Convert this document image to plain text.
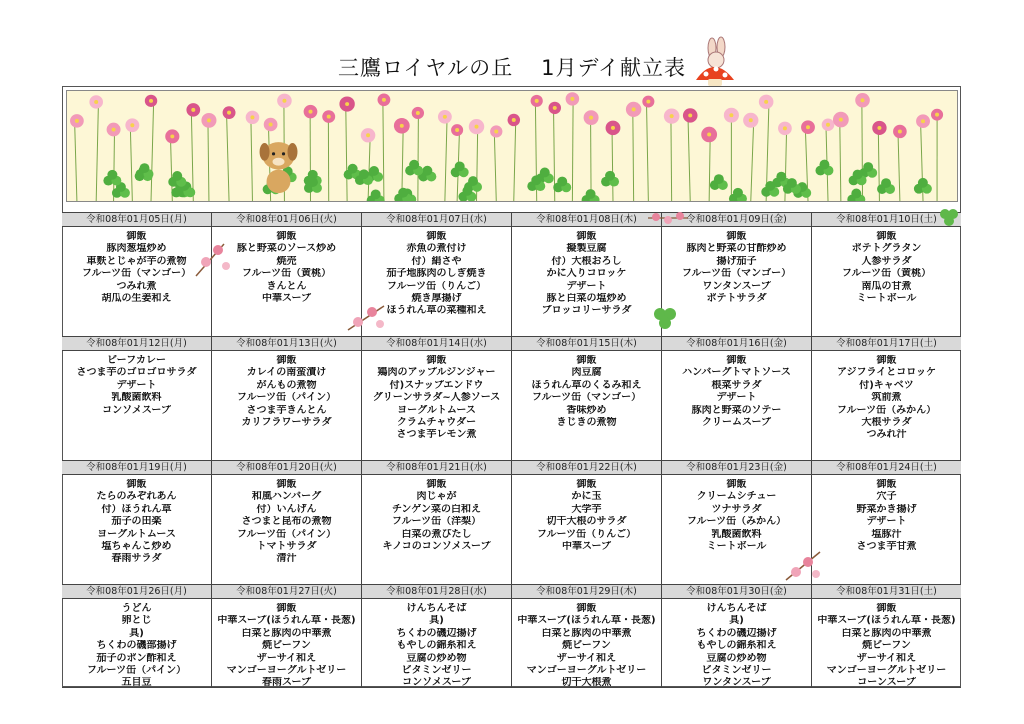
三鷹ロイヤルの丘 1月デイ献立表
令和08年01月05日(月)
御飯
豚肉葱塩炒め
車麩とじゃが芋の煮物
フルーツ缶（マンゴー）
つみれ煮
胡瓜の生姜和え
令和08年01月06日(火)
御飯
豚と野菜のソース炒め
焼売
フルーツ缶（黄桃）
きんとん
中華スープ
令和08年01月07日(水)
御飯
赤魚の煮付け
付）絹さや
茄子地豚肉のしぎ焼き
フルーツ缶（りんご）
焼き厚揚げ
ほうれん草の菜種和え
令和08年01月08日(木)
御飯
擬製豆腐
付）大根おろし
かに入りコロッケ
デザート
豚と白菜の塩炒め
ブロッコリーサラダ
令和08年01月09日(金)
御飯
豚肉と野菜の甘酢炒め
揚げ茄子
フルーツ缶（マンゴー）
ワンタンスープ
ポテトサラダ
令和08年01月10日(土)
御飯
ポテトグラタン
人参サラダ
フルーツ缶（黄桃）
南瓜の甘煮
ミートボール
令和08年01月12日(月)
ビーフカレー
さつま芋のゴロゴロサラダ
デザート
乳酸菌飲料
コンソメスープ
令和08年01月13日(火)
御飯
カレイの南蛮漬け
がんもの煮物
フルーツ缶（パイン）
さつま芋きんとん
カリフラワーサラダ
令和08年01月14日(水)
御飯
鶏肉のアップルジンジャー
付)スナップエンドウ
グリーンサラダ~人参ソース
ヨーグルトムース
クラムチャウダー
さつま芋レモン煮
令和08年01月15日(木)
御飯
肉豆腐
ほうれん草のくるみ和え
フルーツ缶（マンゴー）
香味炒め
きじきの煮物
令和08年01月16日(金)
御飯
ハンバーグトマトソース
根菜サラダ
デザート
豚肉と野菜のソテー
クリームスープ
令和08年01月17日(土)
御飯
アジフライとコロッケ
付)キャベツ
筑前煮
フルーツ缶（みかん）
大根サラダ
つみれ汁
令和08年01月19日(月)
御飯
たらのみぞれあん
付）ほうれん草
茄子の田楽
ヨーグルトムース
塩ちゃんこ炒め
春雨サラダ
令和08年01月20日(火)
御飯
和風ハンバーグ
付）いんげん
さつまと昆布の煮物
フルーツ缶（パイン）
トマトサラダ
清汁
令和08年01月21日(水)
御飯
肉じゃが
チンゲン菜の白和え
フルーツ缶（洋梨）
白菜の煮びたし
キノコのコンソメスープ
令和08年01月22日(木)
御飯
かに玉
大学芋
切干大根のサラダ
フルーツ缶（りんご）
中華スープ
令和08年01月23日(金)
御飯
クリームシチュー
ツナサラダ
フルーツ缶（みかん）
乳酸菌飲料
ミートボール
令和08年01月24日(土)
御飯
穴子
野菜かき揚げ
デザート
塩豚汁
さつま芋甘煮
令和08年01月26日(月)
うどん
卵とじ
具)
ちくわの磯部揚げ
茄子のポン酢和え
フルーツ缶（パイン）
五目豆
令和08年01月27日(火)
御飯
中華スープ(ほうれん草・長葱)
白菜と豚肉の中華煮
焼ビーフン
ザーサイ和え
マンゴーヨーグルトゼリー
春雨スープ
令和08年01月28日(水)
けんちんそば
具)
ちくわの磯辺揚げ
もやしの錦糸和え
豆腐の炒め物
ビタミンゼリー
コンソメスープ
令和08年01月29日(木)
御飯
中華スープ(ほうれん草・長葱)
白菜と豚肉の中華煮
焼ビーフン
ザーサイ和え
マンゴーヨーグルトゼリー
切干大根煮
令和08年01月30日(金)
けんちんそば
具)
ちくわの磯辺揚げ
もやしの錦糸和え
豆腐の炒め物
ビタミンゼリー
ワンタンスープ
令和08年01月31日(土)
御飯
中華スープ(ほうれん草・長葱)
白菜と豚肉の中華煮
焼ビーフン
ザーサイ和え
マンゴーヨーグルトゼリー
コーンスープ
